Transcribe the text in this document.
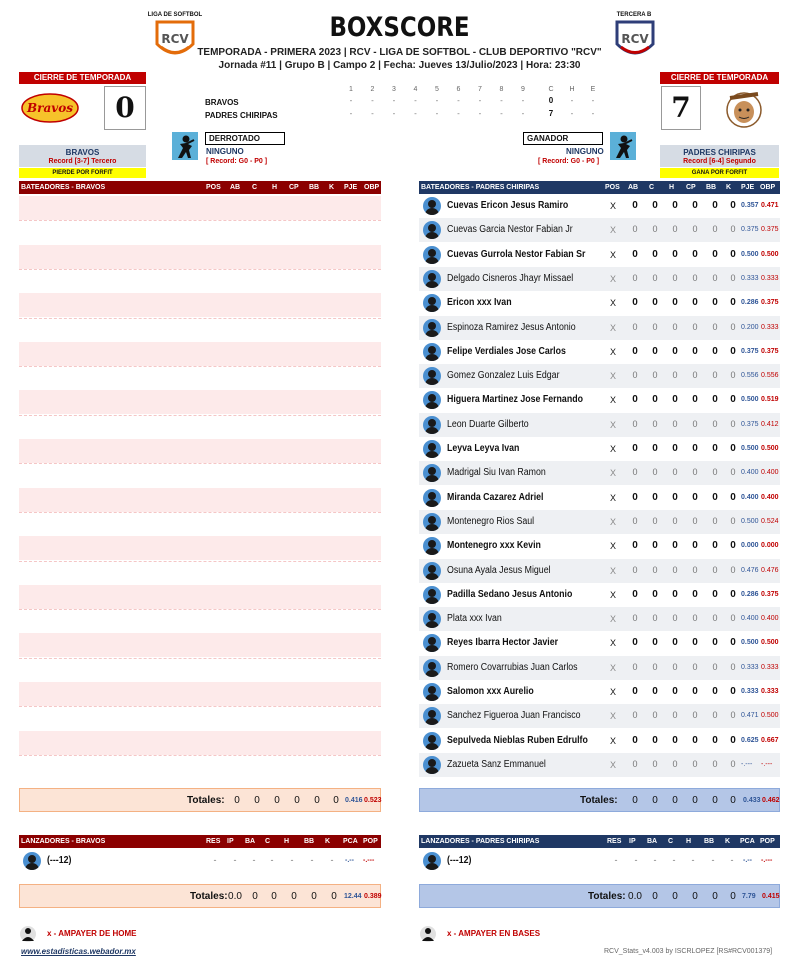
LIGA DE SOFTBOL
RCV
TERCERA B
RCV
BOXSCORE
TEMPORADA - PRIMERA 2023 | RCV - LIGA DE SOFTBOL - CLUB DEPORTIVO "RCV"
Jornada #11 | Grupo B | Campo 2 | Fecha: Jueves 13/Julio/2023 | Hora: 23:30
CIERRE DE TEMPORADA
Bravos	0
BRAVOS
Record [3-7] Tercero
PIERDE POR FORFIT
DERROTADO
NINGUNO
[ Record: G0 - P0 ]
1	2	3	4	5	6	7	8	9	C	H	E
BRAVOS
PADRES CHIRIPAS
-	-	-	-	-	-	-	-	-	0	-	-
-	-	-	-	-	-	-	-	-	7	-	-
CIERRE DE TEMPORADA
7
PADRES CHIRIPAS
Record [6-4] Segundo
GANA POR FORFIT
GANADOR
NINGUNO
[ Record: G0 - P0 ]
BATEADORES - BRAVOS	POS AB C H CP BB K PJE OBP
Totales: 0	0	0	0	0	0 0.416 0.523
BATEADORES - PADRES CHIRIPAS	POS AB C H CP BB K PJE OBP
Cuevas Ericon Jesus Ramiro	X	0	0	0	0	0	0 0.357 0.471
Cuevas Garcia Nestor Fabian Jr	X	0	0	0	0	0	0 0.375 0.375
Cuevas Gurrola Nestor Fabian Sr	X	0	0	0	0	0	0 0.500 0.500
Delgado Cisneros Jhayr Missael	X	0	0	0	0	0	0 0.333 0.333
Ericon xxx Ivan	X	0	0	0	0	0	0 0.286 0.375
Espinoza Ramirez Jesus Antonio	X	0	0	0	0	0	0 0.200 0.333
Felipe Verdiales Jose Carlos	X	0	0	0	0	0	0 0.375 0.375
Gomez Gonzalez Luis Edgar	X	0	0	0	0	0	0 0.556 0.556
Higuera Martinez Jose Fernando	X	0	0	0	0	0	0 0.500 0.519
Leon Duarte Gilberto	X	0	0	0	0	0	0 0.375 0.412
Leyva Leyva Ivan	X	0	0	0	0	0	0 0.500 0.500
Madrigal Siu Ivan Ramon	X	0	0	0	0	0	0 0.400 0.400
Miranda Cazarez Adriel	X	0	0	0	0	0	0 0.400 0.400
Montenegro Rios Saul	X	0	0	0	0	0	0 0.500 0.524
Montenegro xxx Kevin	X	0	0	0	0	0	0 0.000 0.000
Osuna Ayala Jesus Miguel	X	0	0	0	0	0	0 0.476 0.476
Padilla Sedano Jesus Antonio	X	0	0	0	0	0	0 0.286 0.375
Plata xxx Ivan	X	0	0	0	0	0	0 0.400 0.400
Reyes Ibarra Hector Javier	X	0	0	0	0	0	0 0.500 0.500
Romero Covarrubias Juan Carlos	X	0	0	0	0	0	0 0.333 0.333
Salomon xxx Aurelio	X	0	0	0	0	0	0 0.333 0.333
Sanchez Figueroa Juan Francisco	X	0	0	0	0	0	0 0.471 0.500
Sepulveda Nieblas Ruben Edrulfo	X	0	0	0	0	0	0 0.625 0.667
Zazueta Sanz Emmanuel	X	0	0	0	0	0	0 -.--- -.---
Totales:	0	0	0	0	0	0	0.433 0.462
LANZADORES - BRAVOS	RES IP BA C H BB K PCA POP
(---12)	-	-	-	-	-	-	-	-.-- -.---
Totales: 0.0	0	0	0	0	0	12.44 0.389
LANZADORES - PADRES CHIRIPAS	RES IP BA C H BB K PCA POP
(---12)	-	-	-	-	-	-	-	-.-- -.---
Totales: 0.0	0	0	0	0	0 7.79 0.415
x - AMPAYER DE HOME	x - AMPAYER EN BASES
www.estadisticas.webador.mx	RCV_Stats_v4.003 by ISCRLOPEZ [RS#RCV001379]
